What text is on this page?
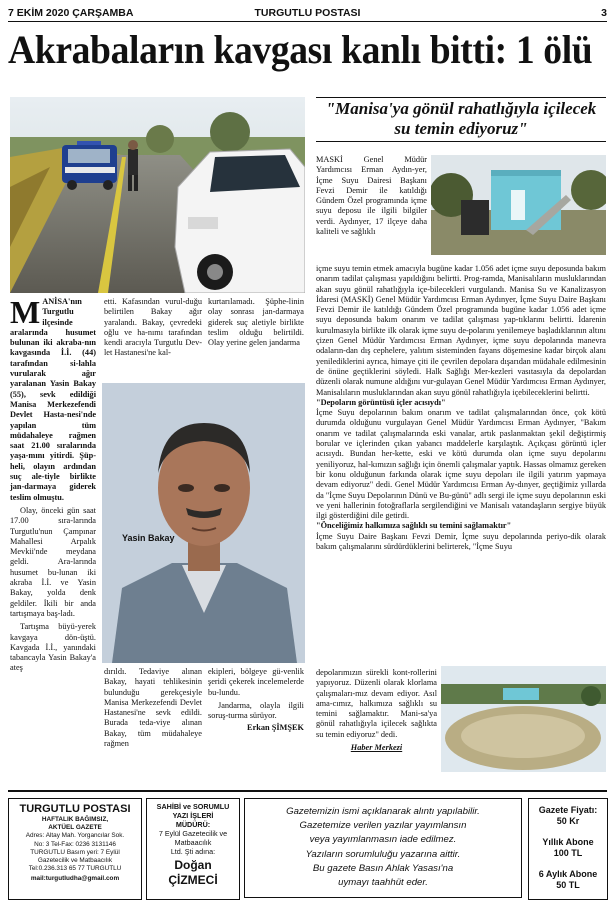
7 EKİM 2020 ÇARŞAMBA	TURGUTLU POSTASI	3
Akrabaların kavgası kanlı bitti: 1 ölü

MANİSA'nın Turgutlu ilçesinde aralarında husumet bulunan iki akraba-nın kavgasında İ.İ. (44) tarafından si-lahla vurularak ağır yaralanan Yasin Bakay (55), sevk edildiği Manisa Merkezefendi Devlet Hasta-nesi'nde yapılan tüm müdahaleye rağmen saat 21.00 sıralarında yaşa-mını yitirdi. Şüp-heli, olayın ardından suç ale-tiyle birlikte jan-darmaya giderek teslim olmuştu.

Olay, önceki gün saat 17.00 sıra-larında Turgutlu'nun Çampınar Mahallesi Arpalık Mevkii'nde meydana geldi. Ara-larında husumet bu-lunan iki akraba İ.İ. ve Yasin Bakay, yolda denk geldiler. İkili bir anda tartışmaya baş-ladı.

Tartışma büyü-yerek kavgaya dön-üştü. Kavgada İ.İ., yanındaki tabancayla Yasin Bakay'a ateş

etti. Kafasından vurul-duğu belirtilen Bakay ağır yaralandı. Bakay, çevredeki oğlu ve ha-nımı tarafından kendi aracıyla Turgutlu Dev-let Hastanesi'ne kal-
kurtarılamadı. Şüphe-linin olay sonrası jan-darmaya giderek suç aletiyle birlikte teslim olduğu belirtildi. Olay yerine gelen jandarma
Yasin Bakay
dırıldı. Tedaviye alınan Bakay, hayati tehlikesinin bulunduğu gerekçesiyle Manisa Merkezefendi Devlet Hastanesi'ne sevk edildi. Burada teda-viye alınan Bakay, tüm müdahaleye rağmen

ekipleri, bölgeye gü-venlik şeridi çekerek incelemelerde bu-lundu.

Jandarma, olayla ilgili soruş-turma sürüyor.

Erkan ŞİMŞEK

"Manisa'ya gönül rahatlığıyla içilecek su temin ediyoruz"
MASKİ Genel Müdür Yardımcısı Erman Aydın-yer, İçme Suyu Dairesi Başkanı Fevzi Demir ile katıldığı Gündem Özel programında içme suyu deposu ile ilgili bilgiler verdi. Aydınyer, 17 ilçeye daha kaliteli ve sağlıklı

içme suyu temin etmek amacıyla bugüne kadar 1.056 adet içme suyu deposunda bakım onarım tadilat çalışması yapıldığını belirtti. Prog-ramda, Manisalıların musluklarından akan suyu gönül rahatlığıyla içe-bilecekleri vurgulandı. Manisa Su ve Kanalizasyon İdaresi (MASKİ) Genel Müdür Yardımcısı Erman Aydınyer, İçme Suyu Daire Başkanı Fevzi Demir ile katıldığı Gündem Özel programında bugüne kadar 1.056 adet içme suyu deposunda bakım onarım ve tadilat çalışması yap-tıklarını belirtti. İdarenin kurulmasıyla birlikte ilk olarak içme suyu de-polarını yenilemeye başladıklarının altını çizen Genel Müdür Yardımcısı Erman Aydınyer, içme suyu depolarında manevra odaların-dan dış cephelere, yalıtım sisteminden fayans döşemesine kadar birçok alanı yenilediklerini ayrıca, himaye çiti ile çevrilen depolara dışarıdan müdahale edilmesinin de önüne geçtiklerini söyledi. Halk Sağlığı Mer-kezleri vasıtasıyla da depolardan düzenli olarak numune aldığını vur-gulayan Genel Müdür Yardımcısı Erman Aydınyer, Manisalıların musluklarından akan suyu gönül rahatlığıyla içebileceklerini belirtti.

"Depoların görüntüsü içler acısıydı"

İçme Suyu depolarının bakım onarım ve tadilat çalışmalarından önce, çok kötü durumda olduğunu vurgulayan Genel Müdür Yardımcısı Erman Aydınyer, "Bakım onarım ve tadilat çalışmalarında eski vanalar, artık paslanmaktan şekil değiştirmiş borular ve içlerinden çıkan yabancı maddelerle karşılaştık. Açıkçası görüntü içler acısıydı. Bundan her-kette, eski ve kötü durumda olan içme suyu depolarını yeniliyoruz, hal-kımızın sağlığı için önemli çalışmalar yaptık. Hassas olmamız gereken bir konu olduğunun farkında olarak içme suyu depoları ile ilgili yatırım yapmaya devam ediyoruz" dedi. Genel Müdür Yardımcısı Erman Ay-dınyer, geçtiğimiz yıllarda da "İçme Suyu Depolarının Dünü ve Bu-günü" adlı sergi ile içme suyu depolarının eski ve yeni hallerinin fotoğraflarla sergilendiğini ve Manisalı vatandaşların sergiye büyük ilgi gösterdiğini dile getirdi.

"Önceliğimiz halkımıza sağlıklı su temini sağlamaktır"

İçme Suyu Daire Başkanı Fevzi Demir, İçme suyu depolarında periyo-dik olarak bakım çalışmalarını sürdürdüklerini belirterek, "İçme Suyu

depolarımızın sürekli kont-rollerini yapıyoruz. Düzenli olarak klorlama çalışmaları-mız devam ediyor. Asıl ama-cımız, halkımıza sağlıklı su temini sağlamaktır. Mani-sa'ya gönül rahatlığıyla içilecek sağlıkta su temin ediyoruz" dedi.

Haber Merkezi

TURGUTLU POSTASI
HAFTALIK BAĞIMSIZ,
AKTÜEL GAZETE
Adres: Altay Mah. Yorgancılar Sok.
No: 3 Tel-Fax: 0236 3131146
TURGUTLU Basım yeri: 7 Eylül
Gazetecilik ve Matbaacılık
Tel:0.236.313 65 77 TURGUTLU
mail:turgutludha@gmail.com
SAHİBİ ve SORUMLU
YAZI İŞLERİ
MÜDÜRÜ:
7 Eylül Gazetecilik ve
Matbaacılık
Ltd. Şti adına:
Doğan
ÇİZMECİ
Gazetemizin ismi açıklanarak alıntı yapılabilir.
Gazetemize verilen yazılar yayımlansın
veya yayımlanmasın iade edilmez.
Yazıların sorumluluğu yazarına aittir.
Bu gazete Basın Ahlak Yasası'na
uymayı taahhüt eder.
Gazete Fiyatı:
50 Kr
Yıllık Abone
100 TL
6 Aylık Abone
50 TL
